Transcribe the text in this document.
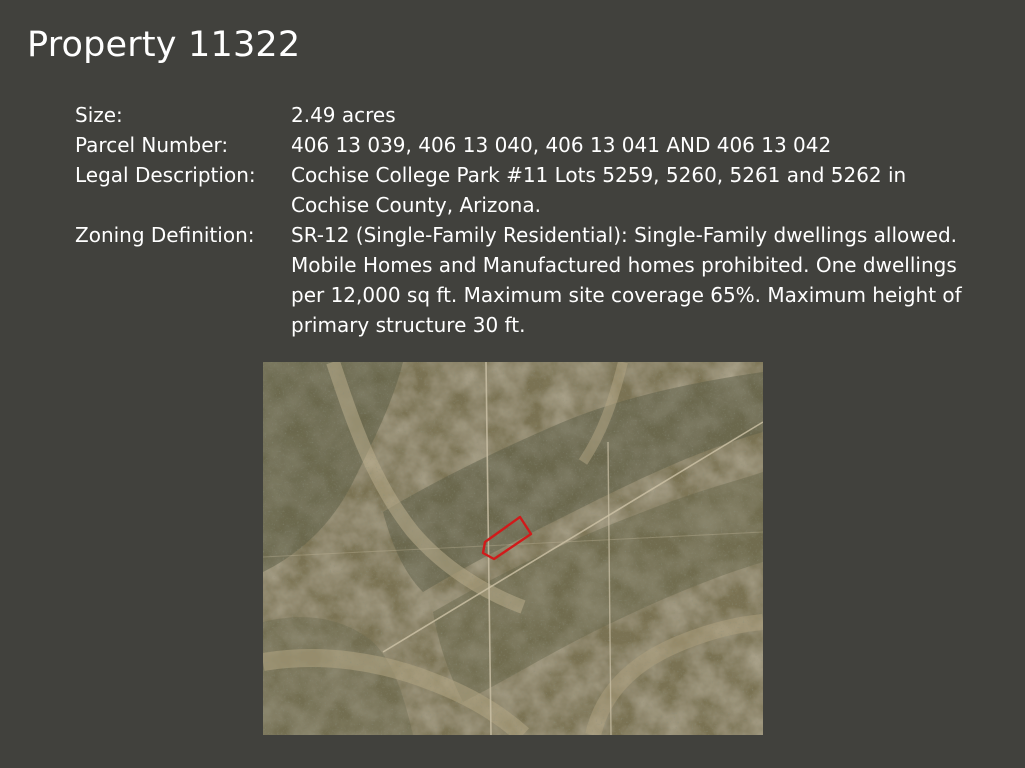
Property 11322
Size:	2.49 acres
Parcel Number:	406 13 039, 406 13 040, 406 13 041 AND 406 13 042
Legal Description:	Cochise College Park #11 Lots 5259, 5260, 5261 and 5262 in
Cochise County, Arizona.
Zoning Definition:	SR-12 (Single-Family Residential): Single-Family dwellings allowed.
Mobile Homes and Manufactured homes prohibited. One dwellings
per 12,000 sq ft. Maximum site coverage 65%. Maximum height of
primary structure 30 ft.
